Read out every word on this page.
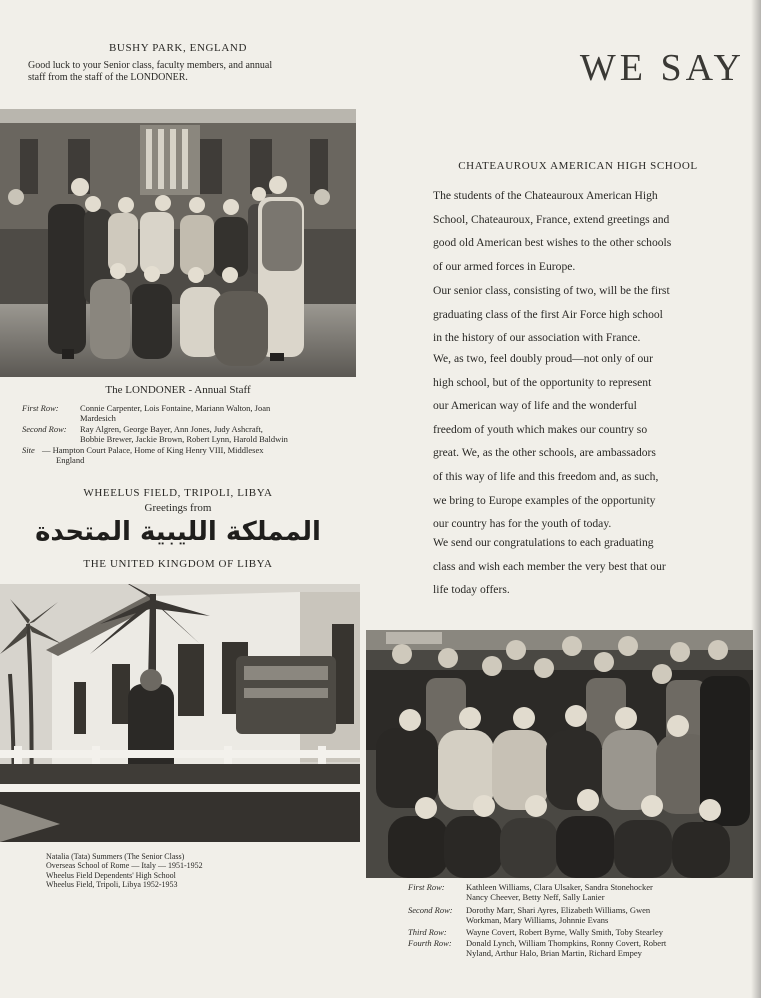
BUSHY PARK, ENGLAND
Good luck to your Senior class, faculty members, and annual
staff from the staff of the LONDONER.
The LONDONER - Annual Staff
First Row:	Connie Carpenter, Lois Fontaine, Mariann Walton, Joan
Mardesich
Second Row: Ray Algren, George Bayer, Ann Jones, Judy Ashcraft,
Bobbie Brewer, Jackie Brown, Robert Lynn, Harold Baldwin
Site — Hampton Court Palace, Home of King Henry VIII, Middlesex
England
WHEELUS FIELD, TRIPOLI, LIBYA
Greetings from
المملكة الليبية المتحدة
THE UNITED KINGDOM OF LIBYA
Natalia (Tata) Summers (The Senior Class)
Overseas School of Rome — Italy — 1951-1952
Wheelus Field Dependents' High School
Wheelus Field, Tripoli, Libya 1952-1953
WE SAY
CHATEAUROUX AMERICAN HIGH SCHOOL
The students of the Chateauroux American High
School, Chateauroux, France, extend greetings and
good old American best wishes to the other schools
of our armed forces in Europe.
Our senior class, consisting of two, will be the first
graduating class of the first Air Force high school
in the history of our association with France.
We, as two, feel doubly proud—not only of our
high school, but of the opportunity to represent
our American way of life and the wonderful
freedom of youth which makes our country so
great. We, as the other schools, are ambassadors
of this way of life and this freedom and, as such,
we bring to Europe examples of the opportunity
our country has for the youth of today.
We send our congratulations to each graduating
class and wish each member the very best that our
life today offers.
First Row:	Kathleen Williams, Clara Ulsaker, Sandra Stonehocker
Nancy Cheever, Betty Neff, Sally Lanier
Second Row: Dorothy Marr, Shari Ayres, Elizabeth Williams, Gwen
Workman, Mary Williams, Johnnie Evans
Third Row: Wayne Covert, Robert Byrne, Wally Smith, Toby Stearley
Fourth Row: Donald Lynch, William Thompkins, Ronny Covert, Robert
Nyland, Arthur Halo, Brian Martin, Richard Empey
